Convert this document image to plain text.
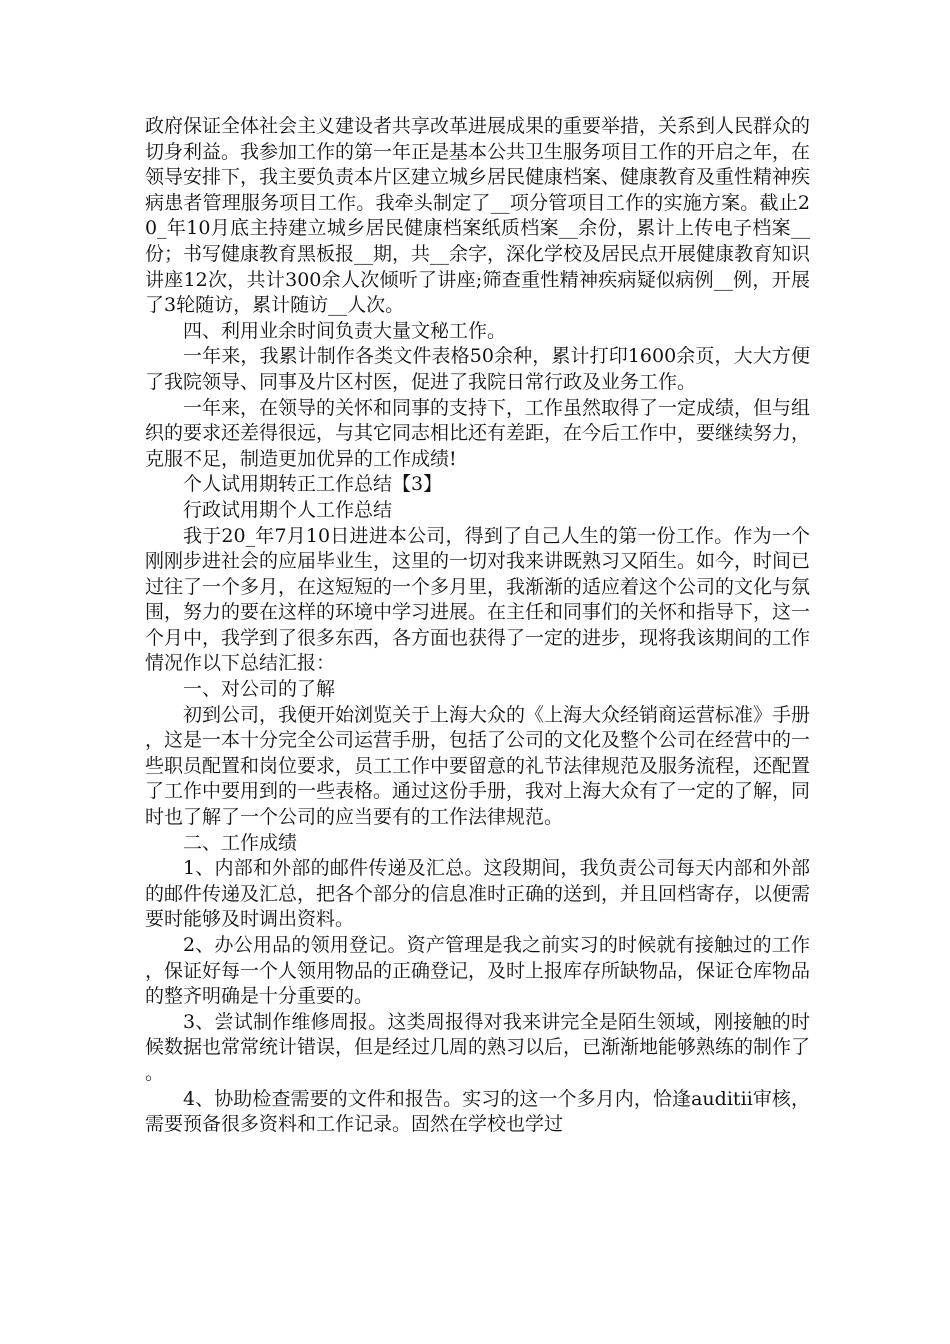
政府保证全体社会主义建设者共享改革进展成果的重要举措，关系到人民群众的切身利益。我参加工作的第一年正是基本公共卫生服务项目工作的开启之年，在领导安排下，我主要负责本片区建立城乡居民健康档案、健康教育及重性精神疾病患者管理服务项目工作。我牵头制定了__项分管项目工作的实施方案。截止20_年10月底主持建立城乡居民健康档案纸质档案__余份，累计上传电子档案__份；书写健康教育黑板报__期，共__余字，深化学校及居民点开展健康教育知识讲座12次，共计300余人次倾听了讲座;筛查重性精神疾病疑似病例__例，开展了3轮随访，累计随访__人次。

四、利用业余时间负责大量文秘工作。

一年来，我累计制作各类文件表格50余种，累计打印1600余页，大大方便了我院领导、同事及片区村医，促进了我院日常行政及业务工作。

一年来，在领导的关怀和同事的支持下，工作虽然取得了一定成绩，但与组织的要求还差得很远，与其它同志相比还有差距，在今后工作中，要继续努力，克服不足，制造更加优异的工作成绩!

个人试用期转正工作总结【3】

行政试用期个人工作总结

我于20_年7月10日进进本公司，得到了自己人生的第一份工作。作为一个刚刚步进社会的应届毕业生，这里的一切对我来讲既熟习又陌生。如今，时间已过往了一个多月，在这短短的一个多月里，我渐渐的适应着这个公司的文化与氛围，努力的要在这样的环境中学习进展。在主任和同事们的关怀和指导下，这一个月中，我学到了很多东西，各方面也获得了一定的进步，现将我该期间的工作情况作以下总结汇报：

一、对公司的了解

初到公司，我便开始浏览关于上海大众的《上海大众经销商运营标准》手册，这是一本十分完全公司运营手册，包括了公司的文化及整个公司在经营中的一些职员配置和岗位要求，员工工作中要留意的礼节法律规范及服务流程，还配置了工作中要用到的一些表格。通过这份手册，我对上海大众有了一定的了解，同时也了解了一个公司的应当要有的工作法律规范。

二、工作成绩

1、内部和外部的邮件传递及汇总。这段期间，我负责公司每天内部和外部的邮件传递及汇总，把各个部分的信息准时正确的送到，并且回档寄存，以便需要时能够及时调出资料。

2、办公用品的领用登记。资产管理是我之前实习的时候就有接触过的工作，保证好每一个人领用物品的正确登记，及时上报库存所缺物品，保证仓库物品的整齐明确是十分重要的。

3、尝试制作维修周报。这类周报得对我来讲完全是陌生领域，刚接触的时候数据也常常统计错误，但是经过几周的熟习以后，已渐渐地能够熟练的制作了。

4、协助检查需要的文件和报告。实习的这一个多月内，恰逢auditⅱ审核，需要预备很多资料和工作记录。固然在学校也学过
